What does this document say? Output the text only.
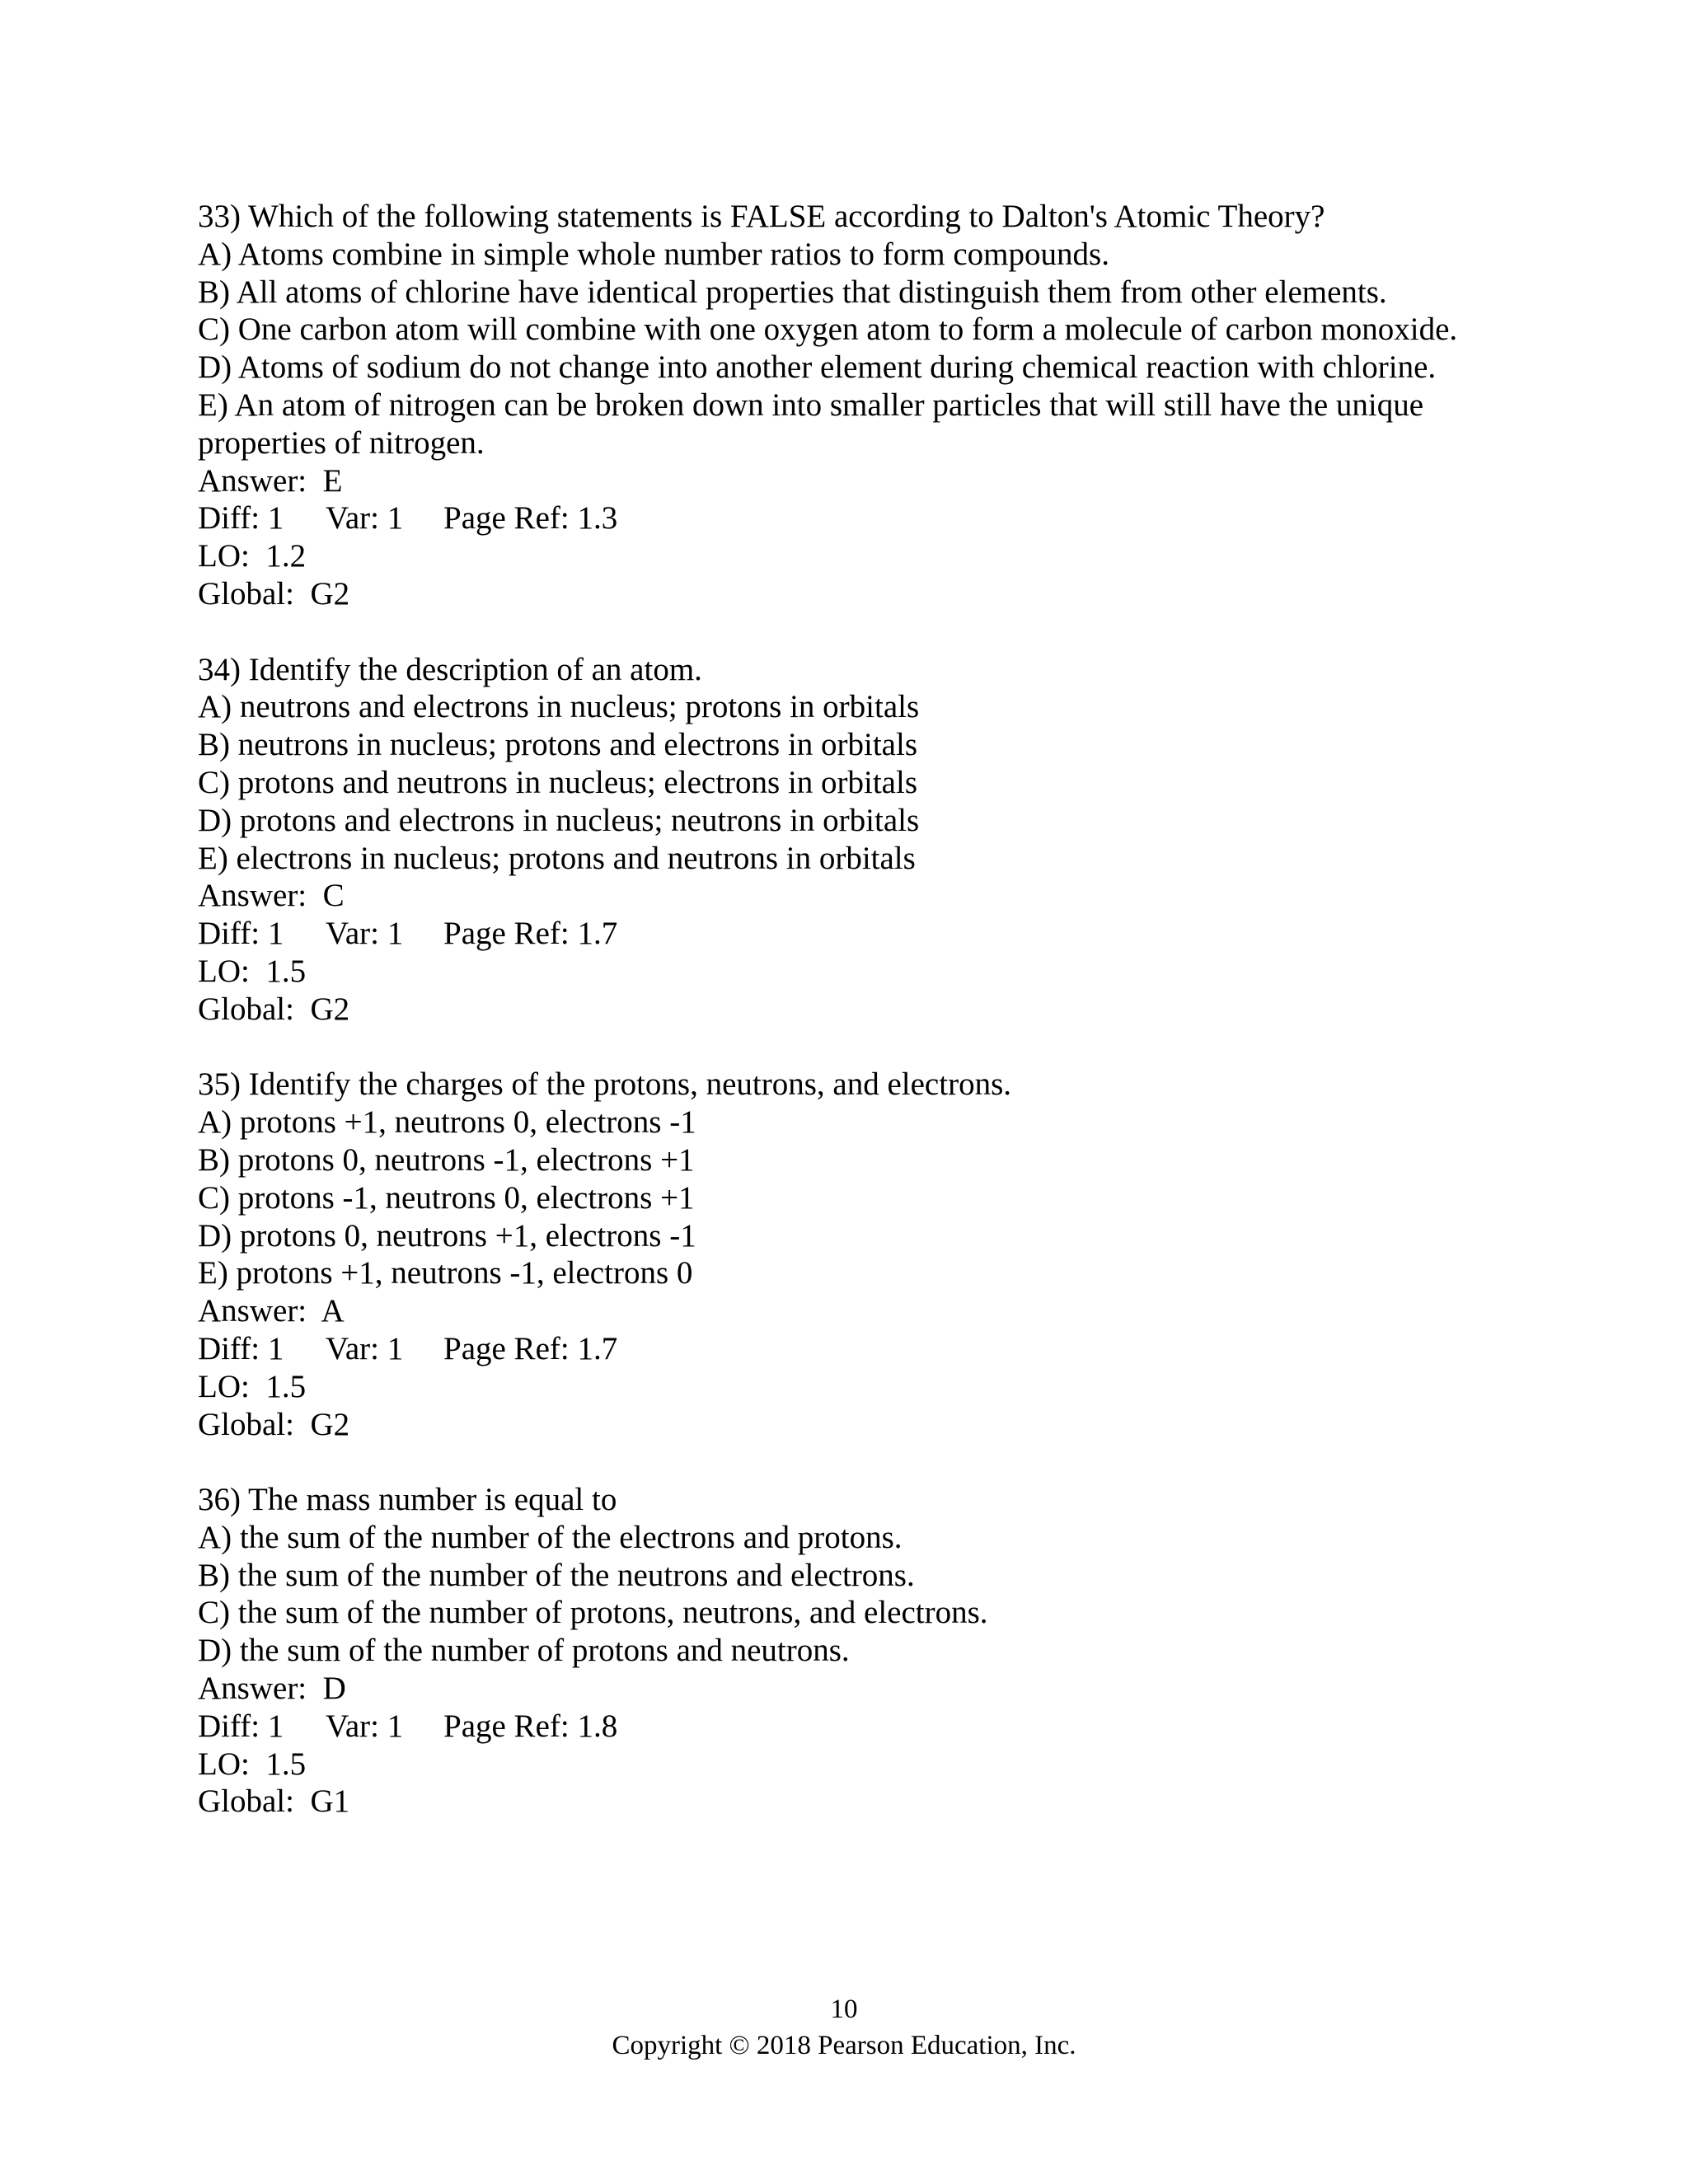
33) Which of the following statements is FALSE according to Dalton's Atomic Theory?
A) Atoms combine in simple whole number ratios to form compounds.
B) All atoms of chlorine have identical properties that distinguish them from other elements.
C) One carbon atom will combine with one oxygen atom to form a molecule of carbon monoxide.
D) Atoms of sodium do not change into another element during chemical reaction with chlorine.
E) An atom of nitrogen can be broken down into smaller particles that will still have the unique properties of nitrogen.
Answer:  E
Diff: 1 Var: 1 Page Ref: 1.3
LO:  1.2
Global:  G2
34) Identify the description of an atom.
A) neutrons and electrons in nucleus; protons in orbitals
B) neutrons in nucleus; protons and electrons in orbitals
C) protons and neutrons in nucleus; electrons in orbitals
D) protons and electrons in nucleus; neutrons in orbitals
E) electrons in nucleus; protons and neutrons in orbitals
Answer:  C
Diff: 1 Var: 1 Page Ref: 1.7
LO:  1.5
Global:  G2
35) Identify the charges of the protons, neutrons, and electrons.
A) protons +1, neutrons 0, electrons -1
B) protons 0, neutrons -1, electrons +1
C) protons -1, neutrons 0, electrons +1
D) protons 0, neutrons +1, electrons -1
E) protons +1, neutrons -1, electrons 0
Answer:  A
Diff: 1 Var: 1 Page Ref: 1.7
LO:  1.5
Global:  G2
36) The mass number is equal to
A) the sum of the number of the electrons and protons.
B) the sum of the number of the neutrons and electrons.
C) the sum of the number of protons, neutrons, and electrons.
D) the sum of the number of protons and neutrons.
Answer:  D
Diff: 1 Var: 1 Page Ref: 1.8
LO:  1.5
Global:  G1
10
Copyright © 2018 Pearson Education, Inc.
